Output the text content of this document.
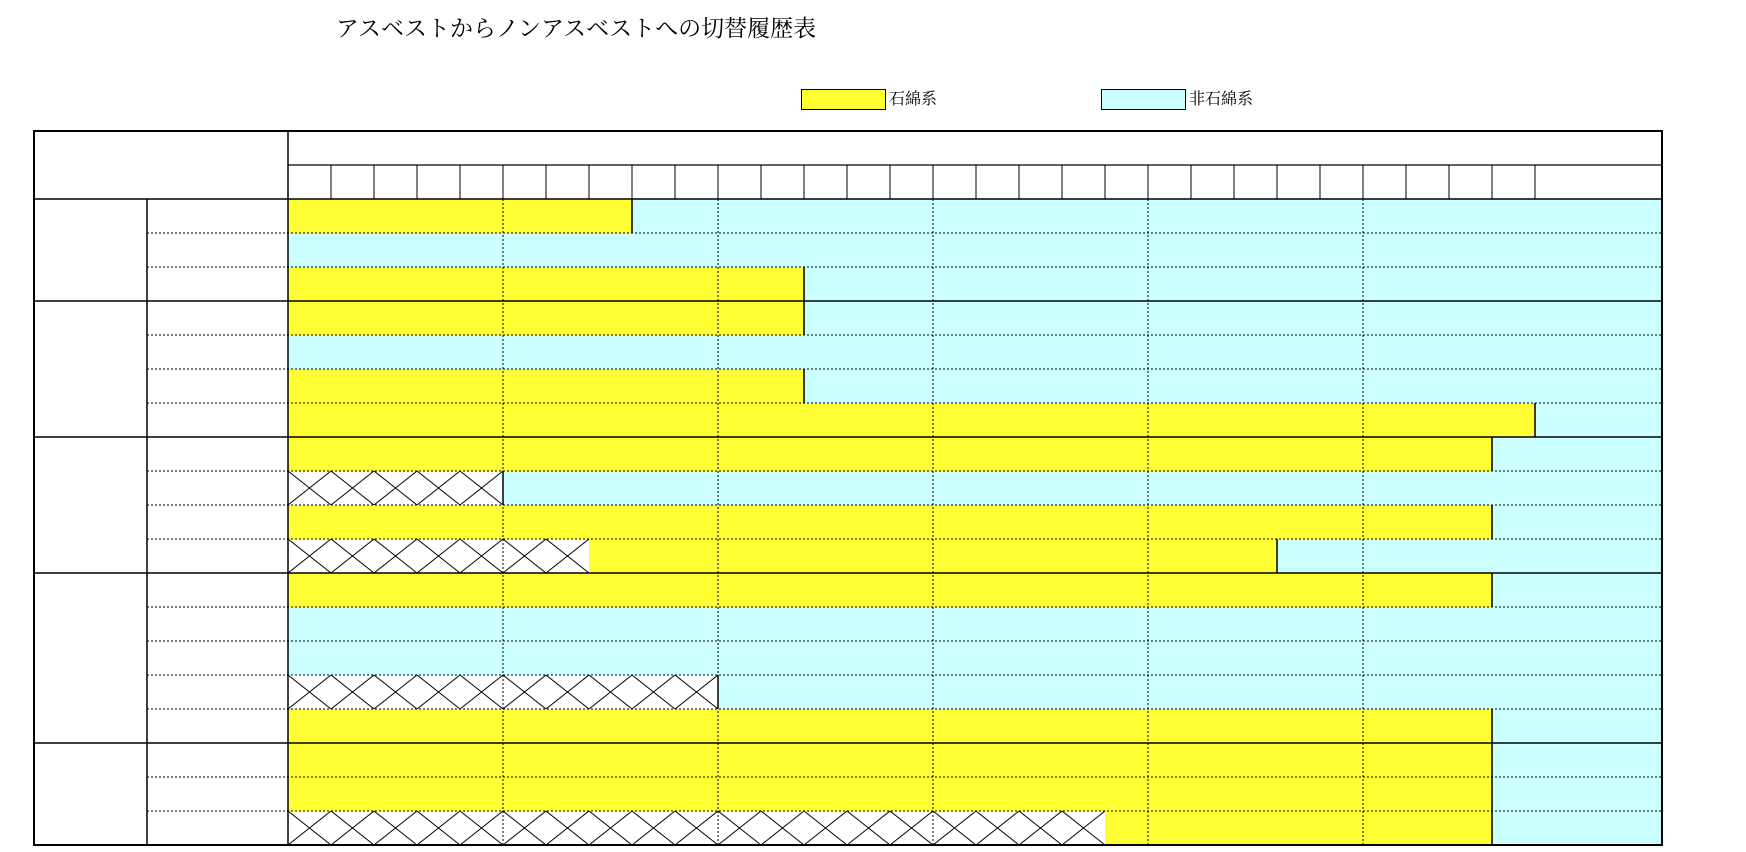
アスベストからノンアスベストへの切替履歴表
石綿系	非石綿系
